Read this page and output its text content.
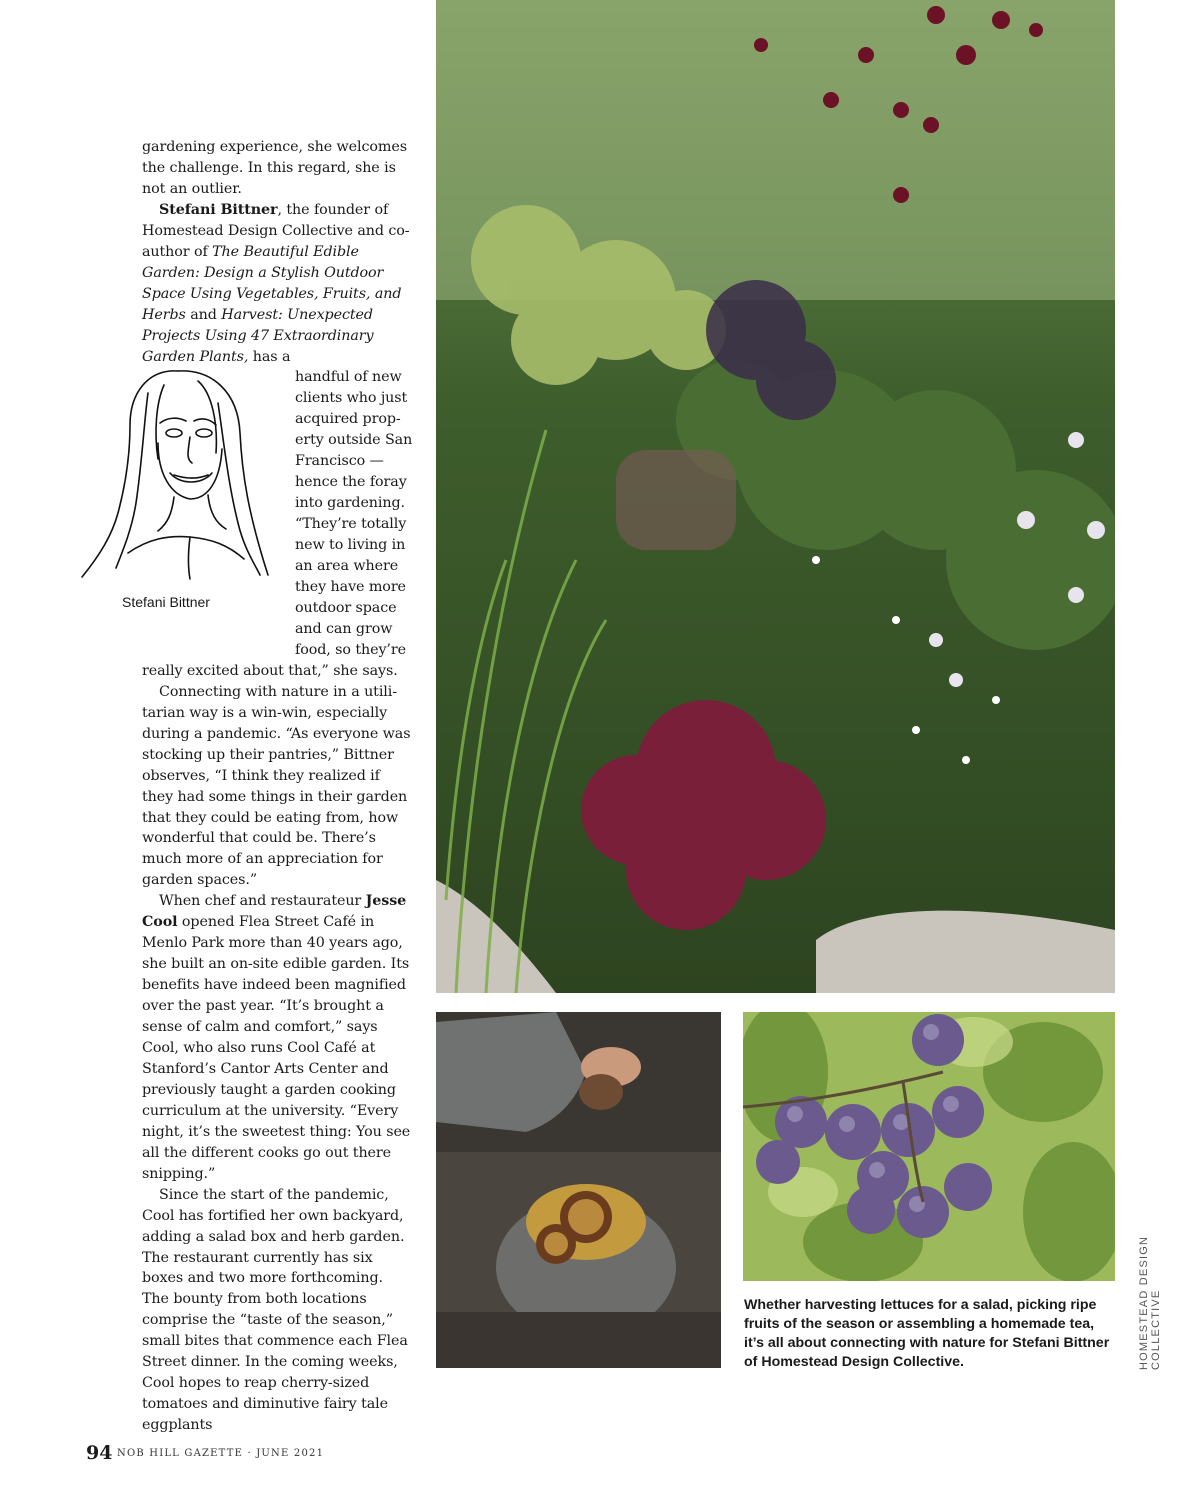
gardening experience, she welcomes the challenge. In this regard, she is not an outlier.

Stefani Bittner, the founder of Homestead Design Collective and co-author of The Beautiful Edible Garden: Design a Stylish Outdoor Space Using Vegetables, Fruits, and Herbs and Harvest: Unexpected Projects Using 47 Extraordinary Garden Plants, has a

handful of new clients who just acquired property outside San Francisco — hence the foray into gardening. “They’re totally new to living in an area where they have more outdoor space and can grow food, so they’re

really excited about that,” she says.

Connecting with nature in a utilitarian way is a win-win, especially during a pandemic. “As everyone was stocking up their pantries,” Bittner observes, “I think they realized if they had some things in their garden that they could be eating from, how wonderful that could be. There’s much more of an appreciation for garden spaces.”

When chef and restaurateur Jesse Cool opened Flea Street Café in Menlo Park more than 40 years ago, she built an on-site edible garden. Its benefits have indeed been magnified over the past year. “It’s brought a sense of calm and comfort,” says Cool, who also runs Cool Café at Stanford’s Cantor Arts Center and previously taught a garden cooking curriculum at the university. “Every night, it’s the sweetest thing: You see all the different cooks go out there snipping.”

Since the start of the pandemic, Cool has fortified her own backyard, adding a salad box and herb garden. The restaurant currently has six boxes and two more forthcoming. The bounty from both locations comprise the “taste of the season,” small bites that commence each Flea Street dinner. In the coming weeks, Cool hopes to reap cherry-sized tomatoes and diminutive fairy tale eggplants

Stefani Bittner
Whether harvesting lettuces for a salad, picking ripe fruits of the season or assembling a homemade tea, it’s all about connecting with nature for Stefani Bittner of Homestead Design Collective.	HOMESTEAD DESIGN COLLECTIVE
94 NOB HILL GAZETTE · JUNE 2021
